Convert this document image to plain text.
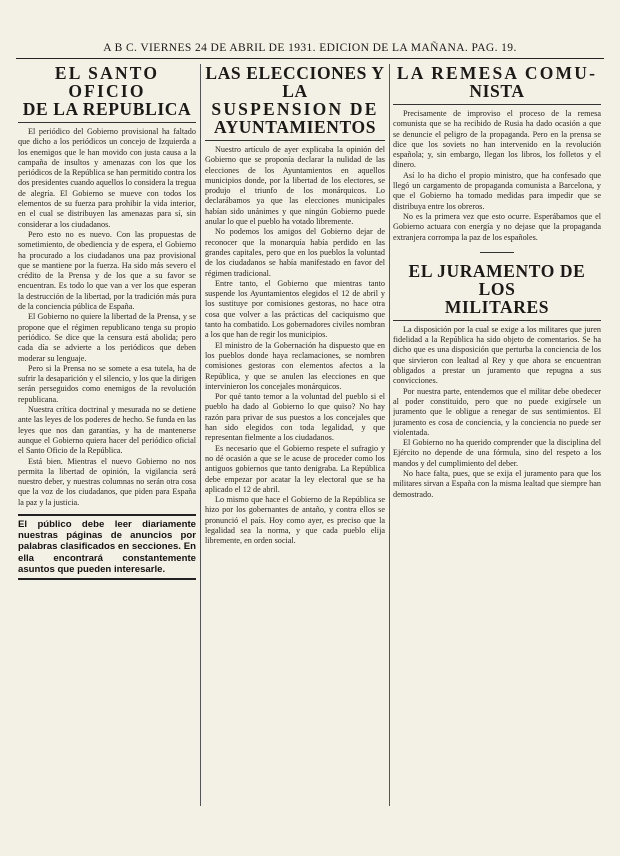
A B C. VIERNES 24 DE ABRIL DE 1931. EDICION DE LA MAÑANA. PAG. 19.
EL SANTO OFICIO
DE LA REPUBLICA

El periódico del Gobierno provisional ha faltado que dicho a los periódicos un concejo de Izquierda a los enemigos que le han movido con justa causa a la campaña de insultos y amenazas con los que los periódicos de la República se han permitido contra los dos presidentes cuando aquellos lo considera la tregua de alegría. El Gobierno se mueve con todos los elementos de su fuerza para prohibir la vida interior, en el cual se distribuyen las amenazas para sí, sin considerar a los ciudadanos.

Pero esto no es nuevo. Con las propuestas de sometimiento, de obediencia y de espera, el Gobierno ha procurado a los ciudadanos una paz provisional que se mantiene por la fuerza. Ha sido más severo el crédito de la Prensa y de los que a su favor se encuentran. Es todo lo que van a ver los que esperan la destrucción de la libertad, por la tradición más pura de la conciencia pública de España.

El Gobierno no quiere la libertad de la Prensa, y se propone que el régimen republicano tenga su propio periódico. Se dice que la censura está abolida; pero cada día se advierte a los periódicos que deben moderar su lenguaje.

Pero si la Prensa no se somete a esa tutela, ha de sufrir la desaparición y el silencio, y los que la dirigen serán perseguidos como enemigos de la revolución republicana.

Nuestra crítica doctrinal y mesurada no se detiene ante las leyes de los poderes de hecho. Se funda en las leyes que nos dan garantías, y ha de mantenerse aunque el Gobierno quiera hacer del periódico oficial el Santo Oficio de la República.

Está bien. Mientras el nuevo Gobierno no nos permita la libertad de opinión, la vigilancia será nuestro deber, y nuestras columnas no serán otra cosa que la voz de los ciudadanos, que piden para España la paz y la justicia.

El público debe leer diariamente nuestras páginas de anuncios por palabras clasificados en secciones. En ella encontrará constantemente asuntos que pueden interesarle.

LAS ELECCIONES Y LA
SUSPENSION DE
AYUNTAMIENTOS

Nuestro artículo de ayer explicaba la opinión del Gobierno que se proponía declarar la nulidad de las elecciones de los Ayuntamientos en aquellos municipios donde, por la libertad de los electores, se produjo el triunfo de los monárquicos. Lo declarábamos ya que las elecciones municipales habían sido unánimes y que ningún Gobierno puede anular lo que el pueblo ha votado libremente.

No podemos los amigos del Gobierno dejar de reconocer que la monarquía había perdido en las grandes capitales, pero que en los pueblos la voluntad de los ciudadanos se había manifestado en favor del régimen tradicional.

Entre tanto, el Gobierno que mientras tanto suspende los Ayuntamientos elegidos el 12 de abril y los sustituye por comisiones gestoras, no hace otra cosa que volver a las prácticas del caciquismo que tanto ha combatido. Los gobernadores civiles nombran a los que han de regir los municipios.

El ministro de la Gobernación ha dispuesto que en los pueblos donde haya reclamaciones, se nombren comisiones gestoras con elementos afectos a la República, y que se anulen las elecciones en que intervinieron los concejales monárquicos.

Por qué tanto temor a la voluntad del pueblo si el pueblo ha dado al Gobierno lo que quiso? No hay razón para privar de sus puestos a los concejales que han sido elegidos con toda legalidad, y que representan fielmente a los ciudadanos.

Es necesario que el Gobierno respete el sufragio y no dé ocasión a que se le acuse de proceder como los antiguos gobiernos que tanto denigraba. La República debe empezar por acatar la ley electoral que se ha aplicado el 12 de abril.

Lo mismo que hace el Gobierno de la República se hizo por los gobernantes de antaño, y contra ellos se pronunció el país. Hoy como ayer, es preciso que la legalidad sea la norma, y que cada pueblo elija libremente, en orden social.

LA REMESA COMU-
NISTA

Precisamente de improviso el proceso de la remesa comunista que se ha recibido de Rusia ha dado ocasión a que se denuncie el peligro de la propaganda. Pero en la prensa se dice que los soviets no han intervenido en la revolución española; y, sin embargo, llegan los libros, los folletos y el dinero.

Así lo ha dicho el propio ministro, que ha confesado que llegó un cargamento de propaganda comunista a Barcelona, y que el Gobierno ha tomado medidas para impedir que se distribuya entre los obreros.

No es la primera vez que esto ocurre. Esperábamos que el Gobierno actuara con energía y no dejase que la propaganda extranjera corrompa la paz de los españoles.

EL JURAMENTO DE LOS
MILITARES

La disposición por la cual se exige a los militares que juren fidelidad a la República ha sido objeto de comentarios. Se ha dicho que es una disposición que perturba la conciencia de los que sirvieron con lealtad al Rey y que ahora se encuentran obligados a prestar un juramento que repugna a sus convicciones.

Por nuestra parte, entendemos que el militar debe obedecer al poder constituido, pero que no puede exigírsele un juramento que le obligue a renegar de sus sentimientos. El juramento es cosa de conciencia, y la conciencia no puede ser violentada.

El Gobierno no ha querido comprender que la disciplina del Ejército no depende de una fórmula, sino del respeto a los mandos y del cumplimiento del deber.

No hace falta, pues, que se exija el juramento para que los militares sirvan a España con la misma lealtad que siempre han demostrado.
